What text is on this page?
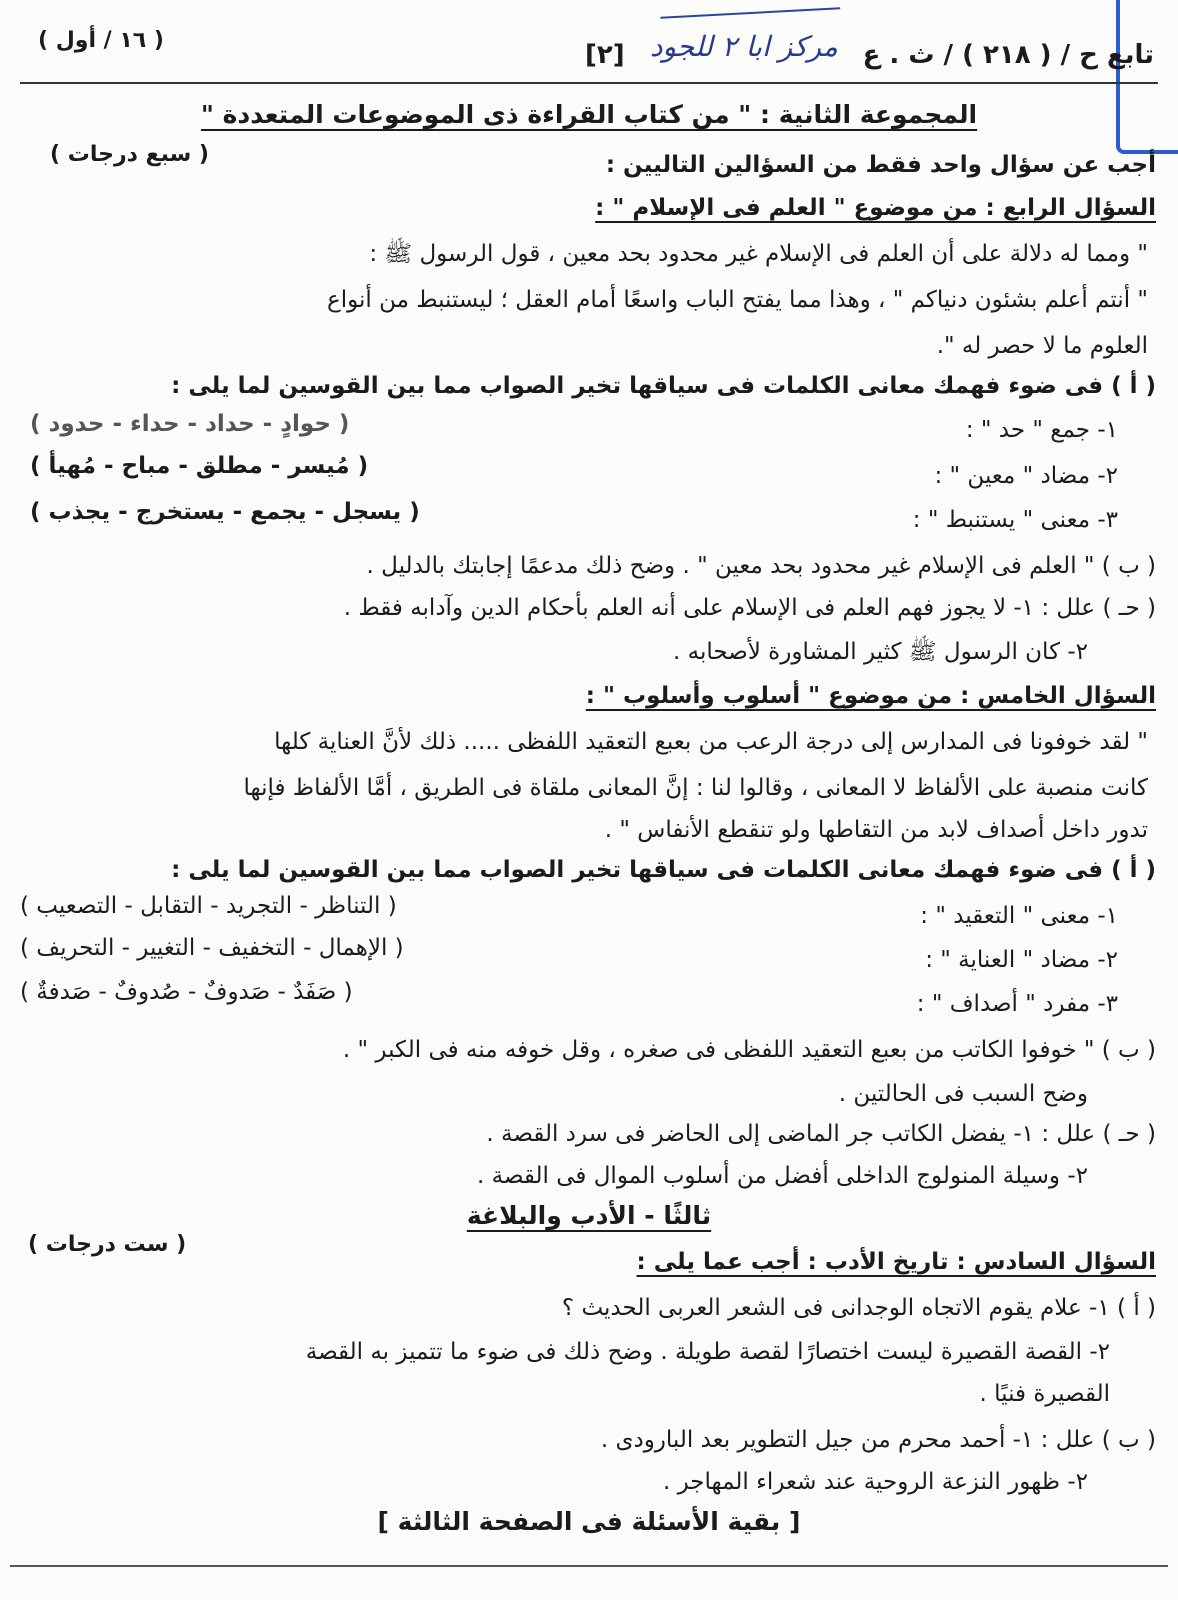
( ١٦ / أول )	[٢] مركز ابا ٢ للجود تابع ح / ( ٢١٨ ) / ث . ع
المجموعة الثانية : " من كتاب القراءة ذى الموضوعات المتعددة "
( سبع درجات )	أجب عن سؤال واحد فقط من السؤالين التاليين :
السؤال الرابع : من موضوع " العلم فى الإسلام " :
" ومما له دلالة على أن العلم فى الإسلام غير محدود بحد معين ، قول الرسول ﷺ :
" أنتم أعلم بشئون دنياكم " ، وهذا مما يفتح الباب واسعًا أمام العقل ؛ ليستنبط من أنواع
العلوم ما لا حصر له ".
( أ ) فى ضوء فهمك معانى الكلمات فى سياقها تخير الصواب مما بين القوسين لما يلى :
١- جمع " حد " :
( حوادٍ - حداد - حداء - حدود )
٢- مضاد " معين " :
( مُيسر - مطلق - مباح - مُهيأ )
٣- معنى " يستنبط " :
( يسجل - يجمع - يستخرج - يجذب )
( ب ) " العلم فى الإسلام غير محدود بحد معين " . وضح ذلك مدعمًا إجابتك بالدليل .
( حـ ) علل : ١- لا يجوز فهم العلم فى الإسلام على أنه العلم بأحكام الدين وآدابه فقط .
٢- كان الرسول ﷺ كثير المشاورة لأصحابه .
السؤال الخامس : من موضوع " أسلوب وأسلوب " :
" لقد خوفونا فى المدارس إلى درجة الرعب من بعبع التعقيد اللفظى ..... ذلك لأنَّ العناية كلها
كانت منصبة على الألفاظ لا المعانى ، وقالوا لنا : إنَّ المعانى ملقاة فى الطريق ، أمَّا الألفاظ فإنها
تدور داخل أصداف لابد من التقاطها ولو تنقطع الأنفاس " .
( أ ) فى ضوء فهمك معانى الكلمات فى سياقها تخير الصواب مما بين القوسين لما يلى :
١- معنى " التعقيد " :
( التناظر - التجريد - التقابل - التصعيب )
٢- مضاد " العناية " :
( الإهمال - التخفيف - التغيير - التحريف )
٣- مفرد " أصداف " :
( صَفَدٌ - صَدوفٌ - صُدوفٌ - صَدفةٌ )
( ب ) " خوفوا الكاتب من بعبع التعقيد اللفظى فى صغره ، وقل خوفه منه فى الكبر " .
وضح السبب فى الحالتين .
( حـ ) علل : ١- يفضل الكاتب جر الماضى إلى الحاضر فى سرد القصة .
٢- وسيلة المنولوج الداخلى أفضل من أسلوب الموال فى القصة .
ثالثًا - الأدب والبلاغة
( ست درجات )
السؤال السادس : تاريخ الأدب : أجب عما يلى :
( أ ) ١- علام يقوم الاتجاه الوجدانى فى الشعر العربى الحديث ؟
٢- القصة القصيرة ليست اختصارًا لقصة طويلة . وضح ذلك فى ضوء ما تتميز به القصة
القصيرة فنيًا .
( ب ) علل : ١- أحمد محرم من جيل التطوير بعد البارودى .
٢- ظهور النزعة الروحية عند شعراء المهاجر .
[ بقية الأسئلة فى الصفحة الثالثة ]
